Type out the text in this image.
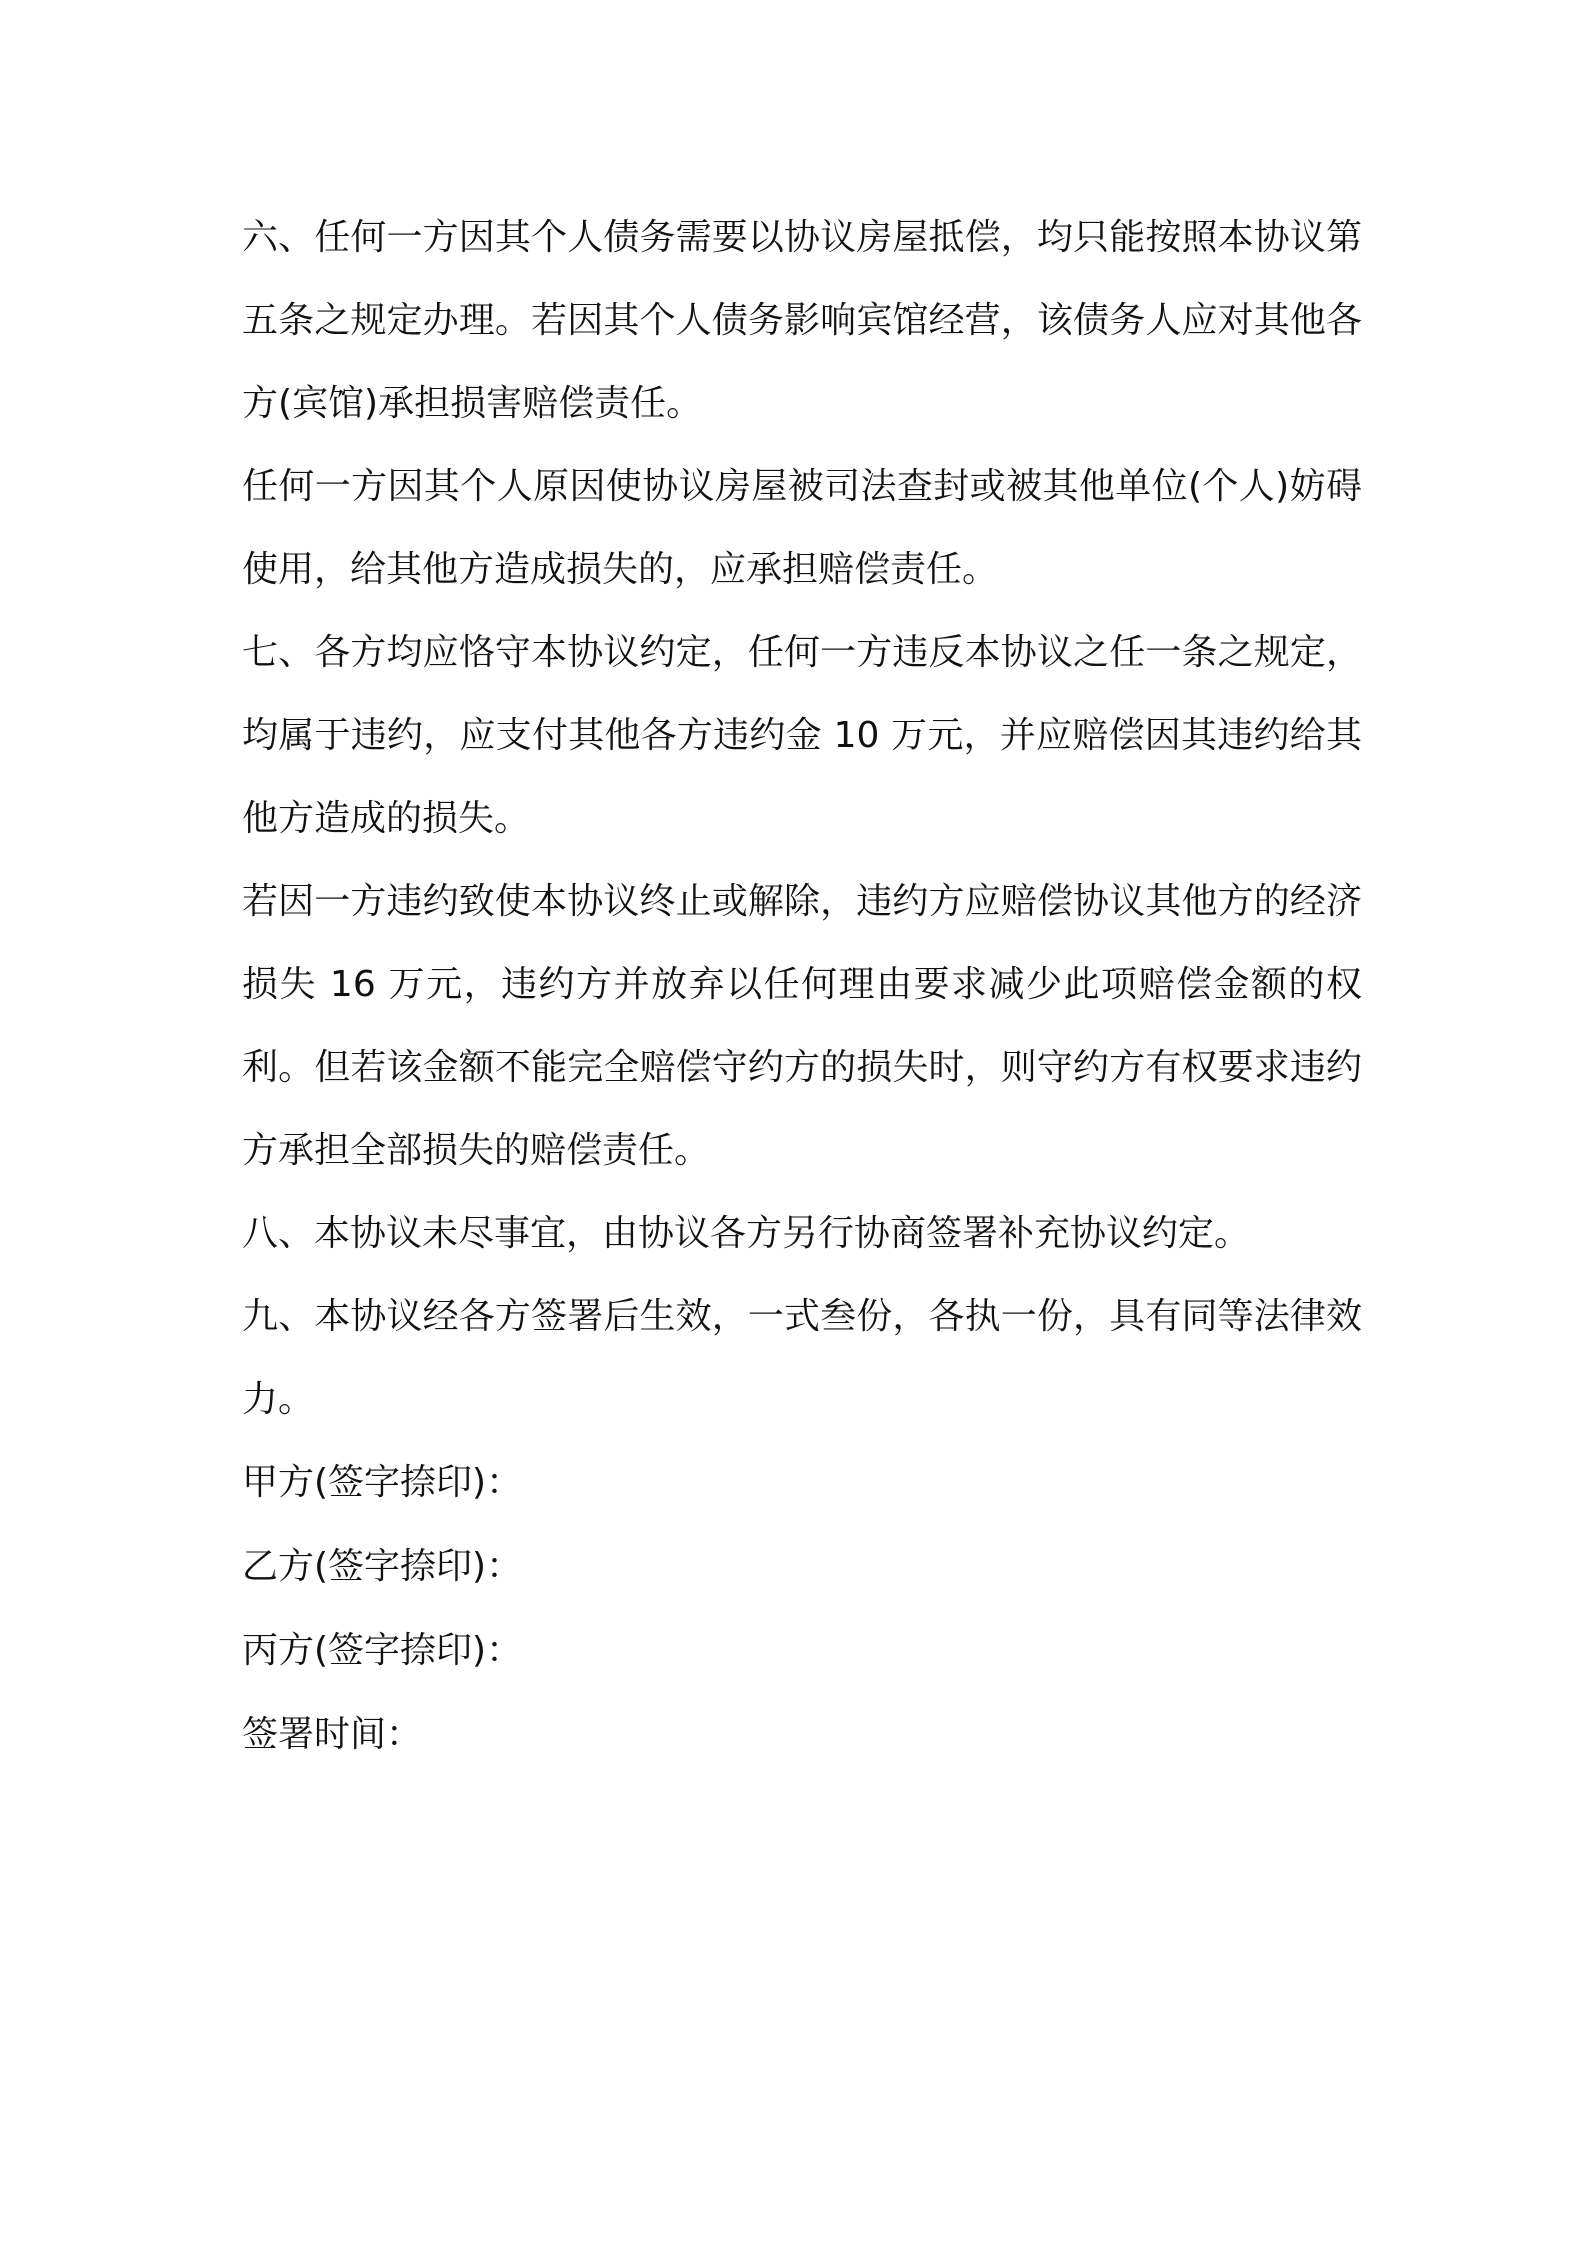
六、任何一方因其个人债务需要以协议房屋抵偿，均只能按照本协议第五条之规定办理。若因其个人债务影响宾馆经营，该债务人应对其他各方(宾馆)承担损害赔偿责任。

任何一方因其个人原因使协议房屋被司法查封或被其他单位(个人)妨碍使用，给其他方造成损失的，应承担赔偿责任。

七、各方均应恪守本协议约定，任何一方违反本协议之任一条之规定，均属于违约，应支付其他各方违约金 10 万元，并应赔偿因其违约给其他方造成的损失。

若因一方违约致使本协议终止或解除，违约方应赔偿协议其他方的经济损失 16 万元，违约方并放弃以任何理由要求减少此项赔偿金额的权利。但若该金额不能完全赔偿守约方的损失时，则守约方有权要求违约方承担全部损失的赔偿责任。

八、本协议未尽事宜，由协议各方另行协商签署补充协议约定。

九、本协议经各方签署后生效，一式叁份，各执一份，具有同等法律效力。

甲方(签字捺印)：

乙方(签字捺印)：

丙方(签字捺印)：

签署时间：
